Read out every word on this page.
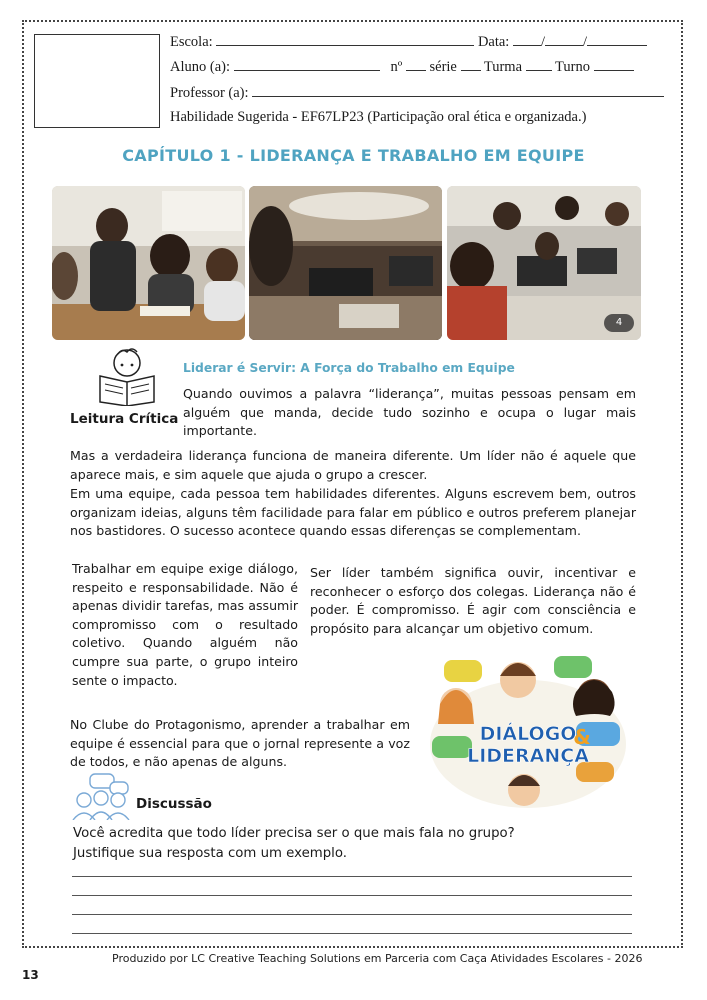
Escola:	Data: /	/
Aluno (a):	nº série Turma Turno
Professor (a):
Habilidade Sugerida - EF67LP23 (Participação oral ética e organizada.)
CAPÍTULO 1 - LIDERANÇA E TRABALHO EM EQUIPE
4
Leitura Crítica
Liderar é Servir: A Força do Trabalho em Equipe
Quando ouvimos a palavra “liderança”, muitas pessoas pensam em alguém que manda, decide tudo sozinho e ocupa o lugar mais importante.
Mas a verdadeira liderança funciona de maneira diferente. Um líder não é aquele que aparece mais, e sim aquele que ajuda o grupo a crescer.
Em uma equipe, cada pessoa tem habilidades diferentes. Alguns escrevem bem, outros organizam ideias, alguns têm facilidade para falar em público e outros preferem planejar nos bastidores. O sucesso acontece quando essas diferenças se complementam.
Trabalhar em equipe exige diálogo, respeito e responsabilidade. Não é apenas dividir tarefas, mas assumir compromisso com o resultado coletivo. Quando alguém não cumpre sua parte, o grupo inteiro sente o impacto.
Ser líder também significa ouvir, incentivar e reconhecer o esforço dos colegas. Liderança não é poder. É compromisso. É agir com consciência e propósito para alcançar um objetivo comum.
No Clube do Protagonismo, aprender a trabalhar em equipe é essencial para que o jornal represente a voz de todos, e não apenas de alguns.
DIÁLOGO
&
LIDERANÇA
Discussão
Você acredita que todo líder precisa ser o que mais fala no grupo?
Justifique sua resposta com um exemplo.
Produzido por LC Creative Teaching Solutions em Parceria com Caça Atividades Escolares - 2026
13
